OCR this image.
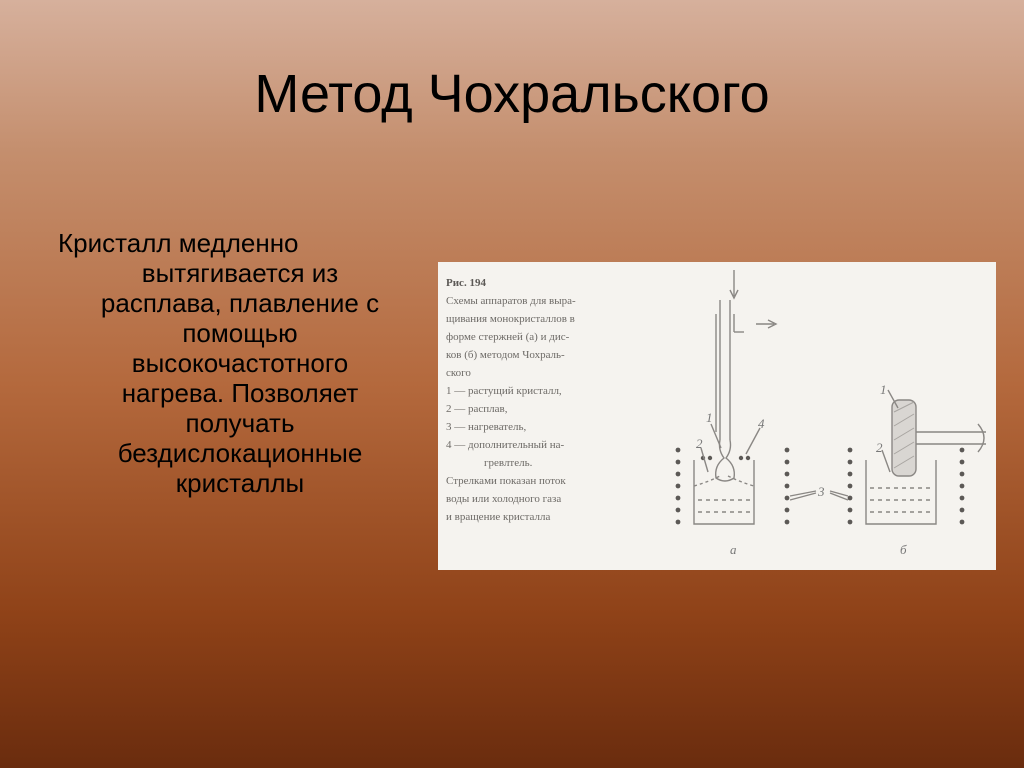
Метод Чохральского
Кристалл медленно
вытягивается из расплава, плавление с помощью высокочастотного нагрева. Позволяет получать бездислокационные кристаллы
Рис. 194
Схемы аппаратов для выра-
щивания монокристаллов в
форме стержней (а) и дис-
ков (б) методом Чохраль-
ского
1 — растущий кристалл,
2 — расплав,
3 — нагреватель,
4 — дополнительный на-
гревлтель.
Стрелками показан поток
воды или холодного газа
и вращение кристалла
1
2
4
3
1
2
а	б
